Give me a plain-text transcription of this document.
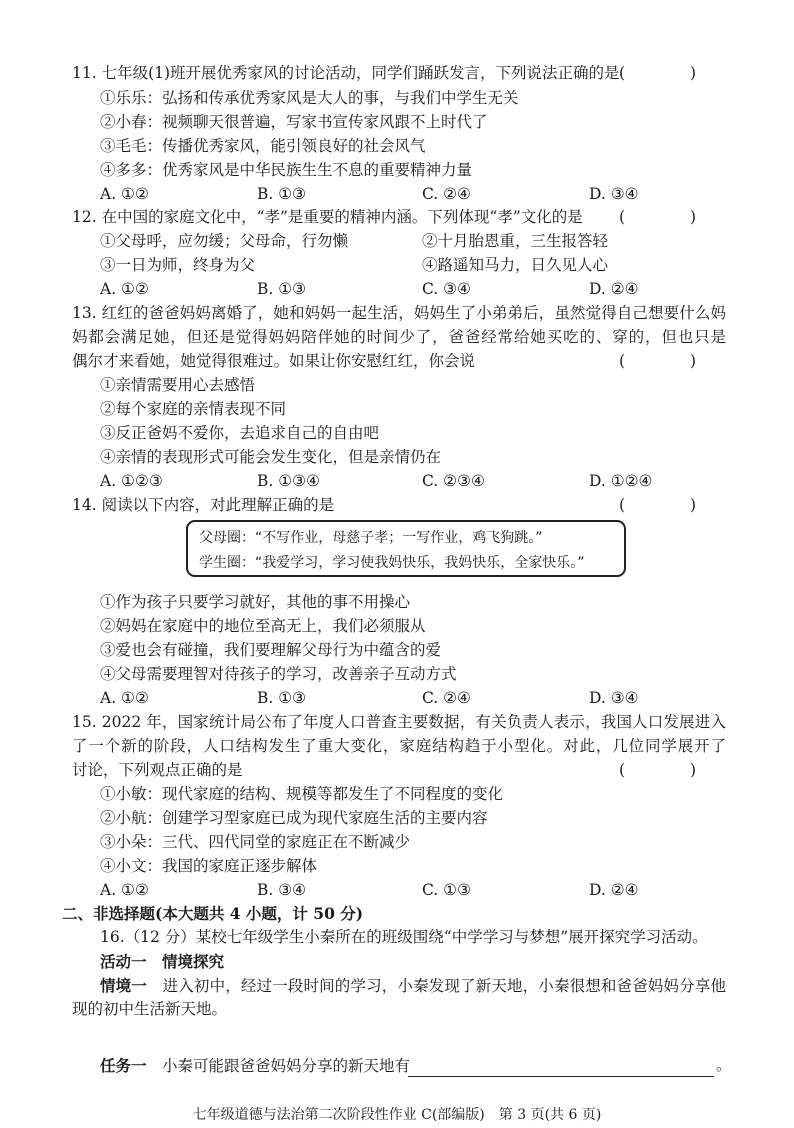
11. 七年级(1)班开展优秀家风的讨论活动，同学们踊跃发言，下列说法正确的是 ( )
①乐乐：弘扬和传承优秀家风是大人的事，与我们中学生无关
②小春：视频聊天很普遍，写家书宣传家风跟不上时代了
③毛毛：传播优秀家风，能引领良好的社会风气
④多多：优秀家风是中华民族生生不息的重要精神力量
A. ①②	B. ①③	C. ②④	D. ③④
12. 在中国的家庭文化中，“孝”是重要的精神内涵。下列体现“孝”文化的是	( )
①父母呼，应勿缓；父母命，行勿懒	②十月胎恩重，三生报答轻
③一日为师，终身为父	④路遥知马力，日久见人心
A. ①②	B. ①③	C. ③④	D. ②④
13. 红红的爸爸妈妈离婚了，她和妈妈一起生活，妈妈生了小弟弟后，虽然觉得自己想要什么妈
妈都会满足她，但还是觉得妈妈陪伴她的时间少了，爸爸经常给她买吃的、穿的，但也只是
偶尔才来看她，她觉得很难过。如果让你安慰红红，你会说	( )
①亲情需要用心去感悟
②每个家庭的亲情表现不同
③反正爸妈不爱你，去追求自己的自由吧
④亲情的表现形式可能会发生变化，但是亲情仍在
A. ①②③	B. ①③④	C. ②③④	D. ①②④
14. 阅读以下内容，对此理解正确的是	( )
父母圈：“不写作业，母慈子孝；一写作业，鸡飞狗跳。”
学生圈：“我爱学习，学习使我妈快乐，我妈快乐，全家快乐。”
①作为孩子只要学习就好，其他的事不用操心
②妈妈在家庭中的地位至高无上，我们必须服从
③爱也会有碰撞，我们要理解父母行为中蕴含的爱
④父母需要理智对待孩子的学习，改善亲子互动方式
A. ①②	B. ①③	C. ②④	D. ③④
15. 2022 年，国家统计局公布了年度人口普查主要数据，有关负责人表示，我国人口发展进入
了一个新的阶段，人口结构发生了重大变化，家庭结构趋于小型化。对此，几位同学展开了
讨论，下列观点正确的是	( )
①小敏：现代家庭的结构、规模等都发生了不同程度的变化
②小航：创建学习型家庭已成为现代家庭生活的主要内容
③小朵：三代、四代同堂的家庭正在不断减少
④小文：我国的家庭正逐步解体
A. ①②	B. ③④	C. ①③	D. ②④
二、非选择题(本大题共 4 小题，计 50 分)
16.（12 分）某校七年级学生小秦所在的班级围绕“中学学习与梦想”展开探究学习活动。
活动一　情境探究
情境一　 进入初中，经过一段时间的学习，小秦发现了新天地，小秦很想和爸爸妈妈分享他
现的初中生活新天地。
任务一　 小秦可能跟爸爸妈妈分享的新天地有	。
七年级道德与法治第二次阶段性作业 C(部编版)　第 3 页(共 6 页)
